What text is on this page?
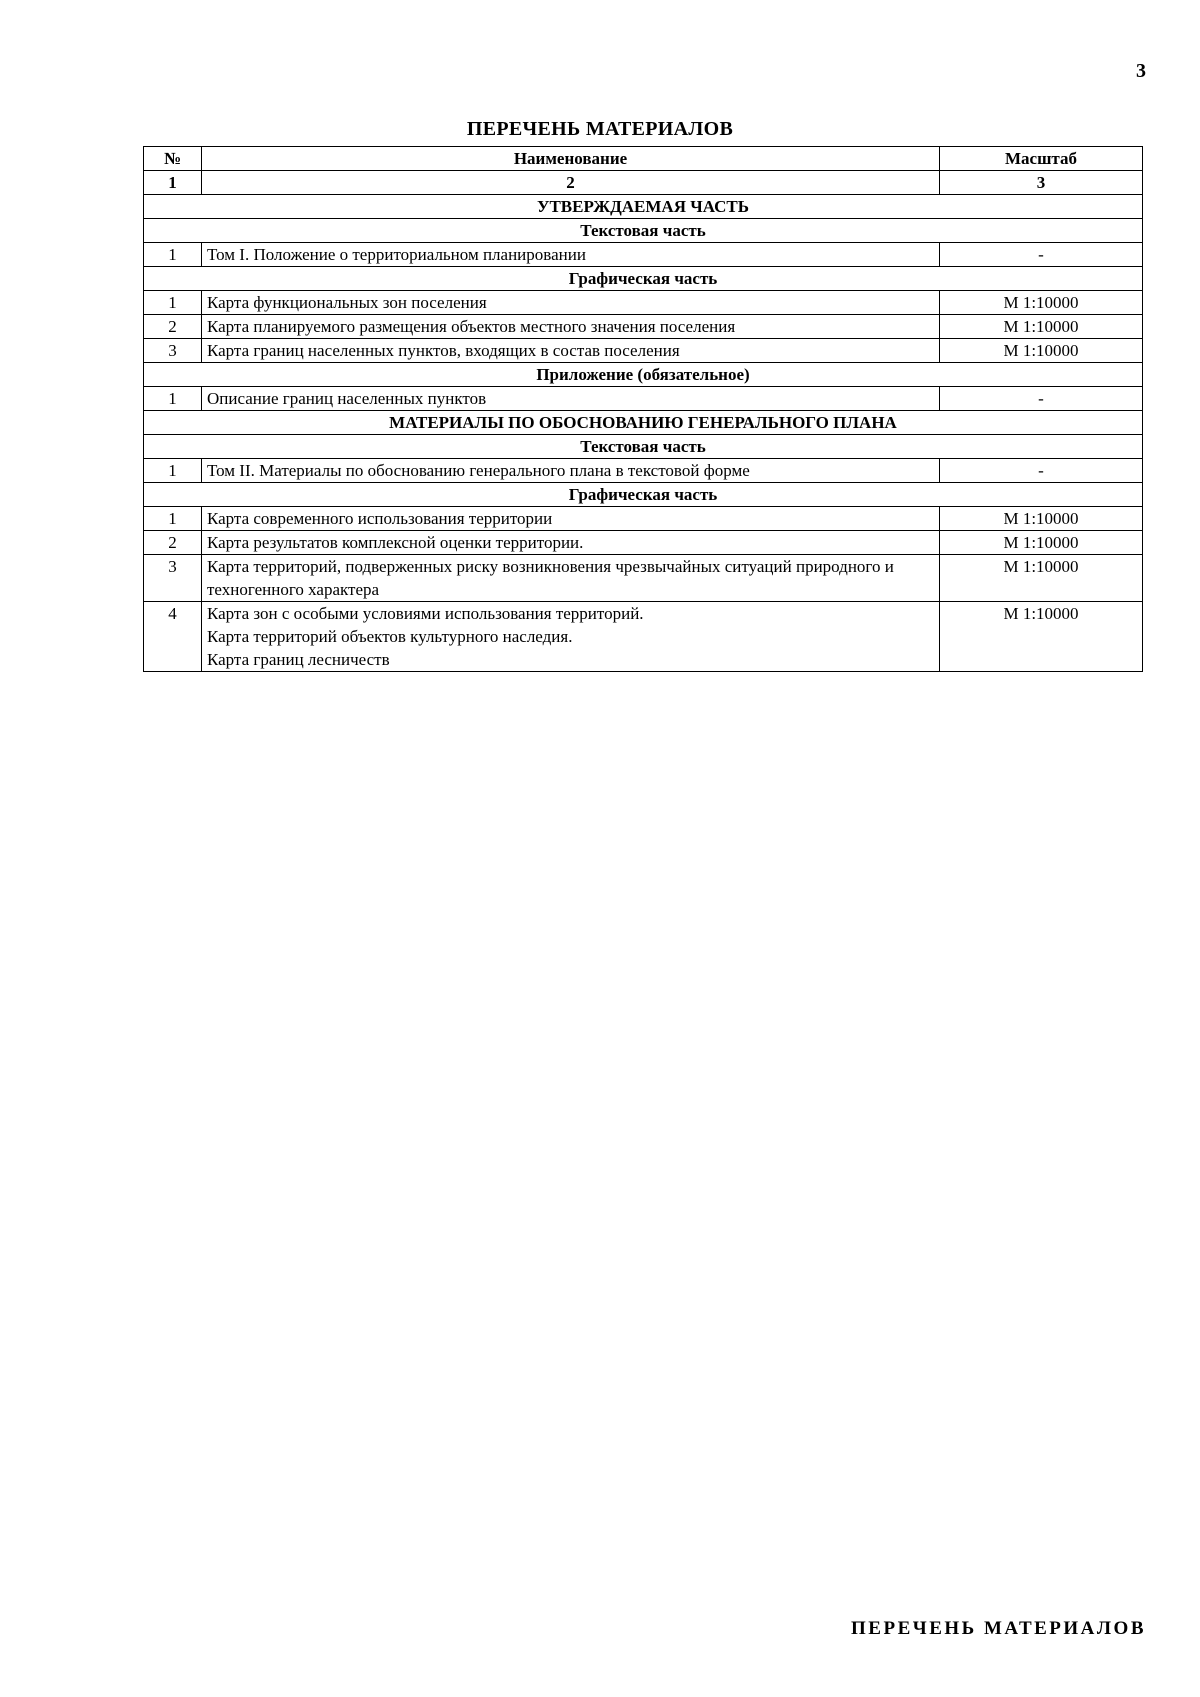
3
ПЕРЕЧЕНЬ МАТЕРИАЛОВ
№	Наименование	Масштаб
1	2	3
УТВЕРЖДАЕМАЯ ЧАСТЬ		
Текстовая часть		
1	Том I. Положение о территориальном планировании	-
Графическая часть		
1	Карта функциональных зон поселения	М 1:10000
2	Карта планируемого размещения объектов местного значения поселения	М 1:10000
3	Карта границ населенных пунктов, входящих в состав поселения	М 1:10000
Приложение (обязательное)		
1	Описание границ населенных пунктов	-
МАТЕРИАЛЫ ПО ОБОСНОВАНИЮ ГЕНЕРАЛЬНОГО ПЛАНА		
Текстовая часть		
1	Том II. Материалы по обоснованию генерального плана в текстовой форме	-
Графическая часть		
1	Карта современного использования территории	М 1:10000
2	Карта результатов комплексной оценки территории.	М 1:10000
3	Карта территорий, подверженных риску возникновения чрезвычайных ситуаций природного и техногенного характера	М 1:10000
4	Карта зон с особыми условиями использования территорий.
Карта территорий объектов культурного наследия.
Карта границ лесничеств	М 1:10000
ПЕРЕЧЕНЬ МАТЕРИАЛОВ
